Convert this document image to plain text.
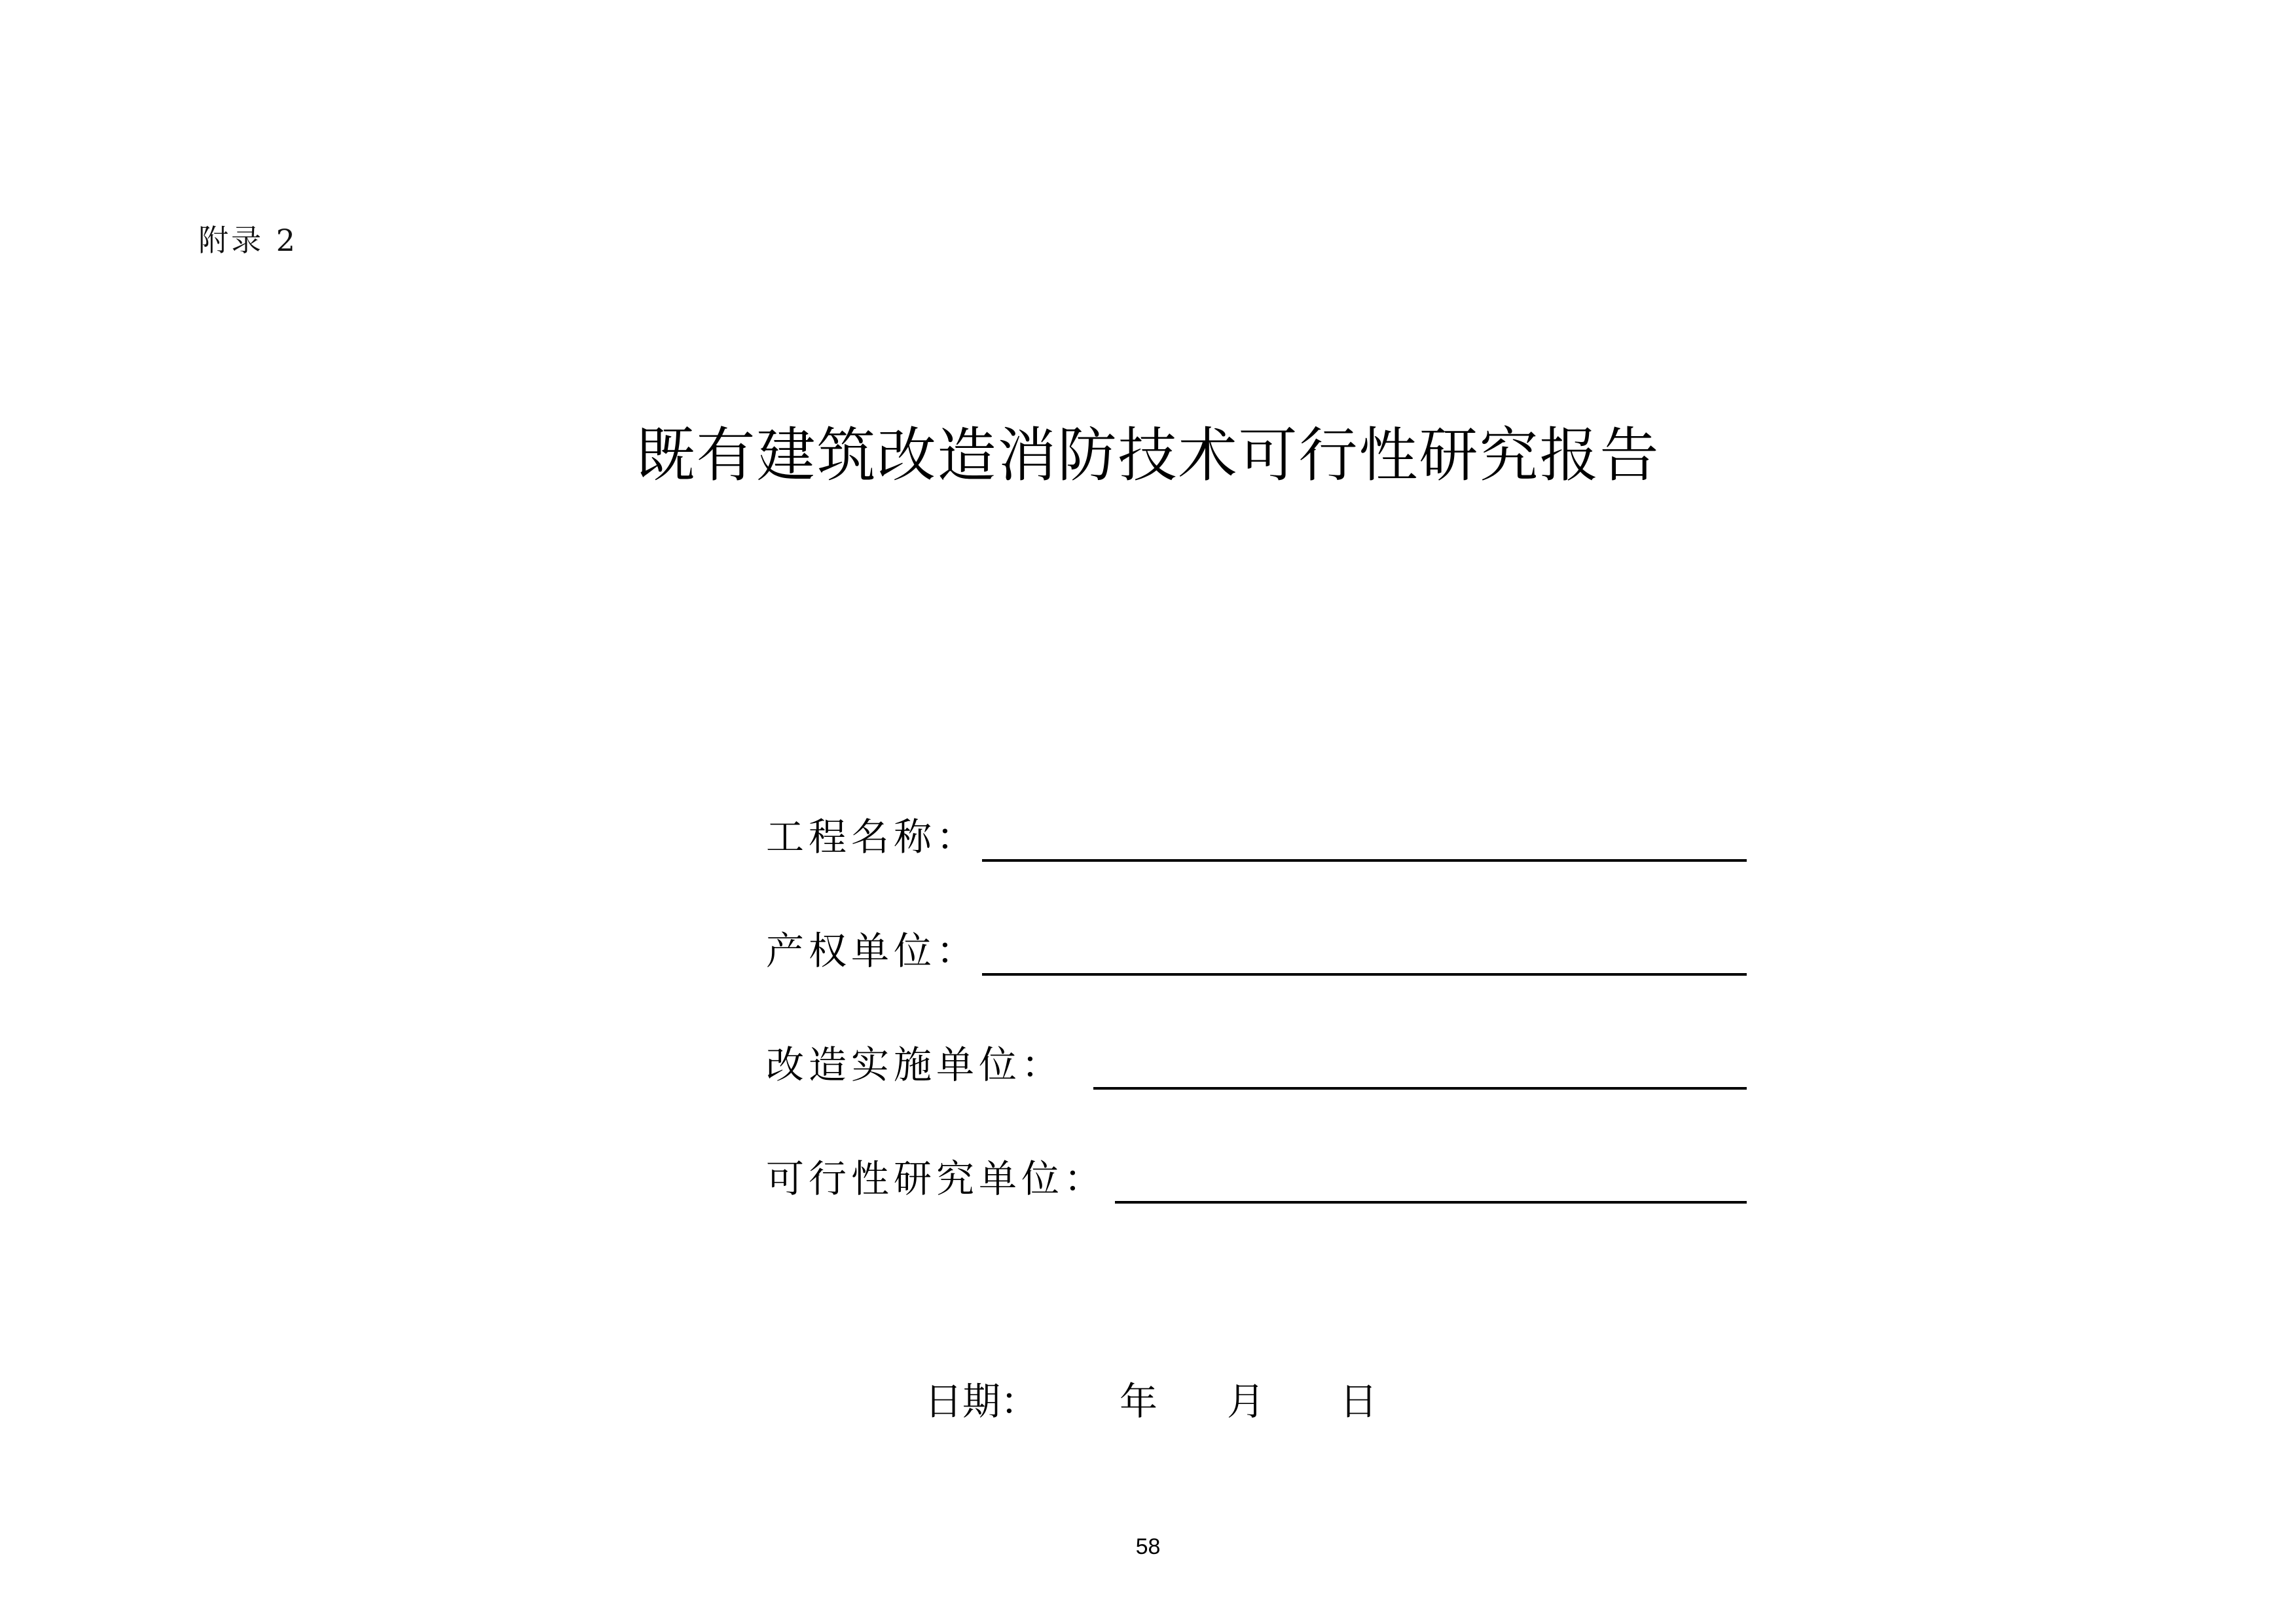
附录 2
既有建筑改造消防技术可行性研究报告
工程名称：
产权单位：
改造实施单位：
可行性研究单位：
日期： 年 月 日
58
